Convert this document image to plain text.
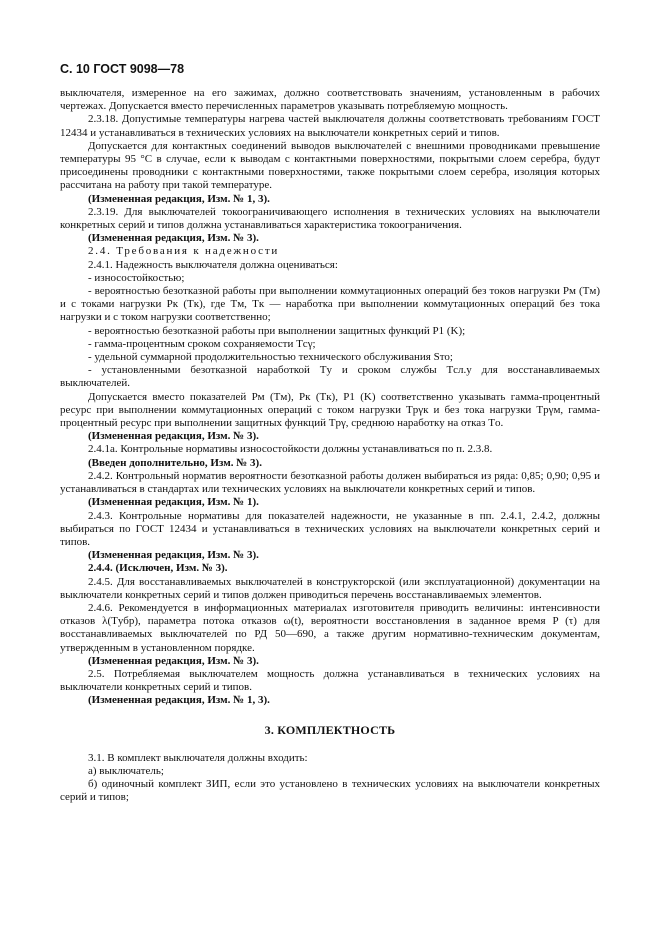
С. 10 ГОСТ 9098—78

выключателя, измеренное на его зажимах, должно соответствовать значениям, установленным в рабочих чертежах. Допускается вместо перечисленных параметров указывать потребляемую мощность.

2.3.18. Допустимые температуры нагрева частей выключателя должны соответствовать требованиям ГОСТ 12434 и устанавливаться в технических условиях на выключатели конкретных серий и типов.

Допускается для контактных соединений выводов выключателей с внешними проводниками превышение температуры 95 °С в случае, если к выводам с контактными поверхностями, покрытыми слоем серебра, будут присоединены проводники с контактными поверхностями, также покрытыми слоем серебра, изоляция которых рассчитана на работу при такой температуре.

(Измененная редакция, Изм. № 1, 3).

2.3.19. Для выключателей токоограничивающего исполнения в технических условиях на выключатели конкретных серий и типов должна устанавливаться характеристика токоограничения.

(Измененная редакция, Изм. № 3).

2.4. Требования к надежности

2.4.1. Надежность выключателя должна оцениваться:

- износостойкостью;

- вероятностью безотказной работы при выполнении коммутационных операций без токов нагрузки Pм (Tм) и с токами нагрузки Pк (Tк), где Tм, Tк — наработка при выполнении коммутационных операций без тока нагрузки и с током нагрузки соответственно;

- вероятностью безотказной работы при выполнении защитных функций P1 (K);

- гамма-процентным сроком сохраняемости Tсγ;

- удельной суммарной продолжительностью технического обслуживания Sто;

- установленными безотказной наработкой Tу и сроком службы Tсл.у для восстанавливаемых выключателей.

Допускается вместо показателей Pм (Tм), Pк (Tк), P1 (K) соответственно указывать гамма-процентный ресурс при выполнении коммутационных операций с током нагрузки Tрγк и без тока нагрузки Tрγм, гамма-процентный ресурс при выполнении защитных функций Tрγ, среднюю наработку на отказ Tо.

(Измененная редакция, Изм. № 3).

2.4.1а. Контрольные нормативы износостойкости должны устанавливаться по п. 2.3.8.

(Введен дополнительно, Изм. № 3).

2.4.2. Контрольный норматив вероятности безотказной работы должен выбираться из ряда: 0,85; 0,90; 0,95 и устанавливаться в стандартах или технических условиях на выключатели конкретных серий и типов.

(Измененная редакция, Изм. № 1).

2.4.3. Контрольные нормативы для показателей надежности, не указанные в пп. 2.4.1, 2.4.2, должны выбираться по ГОСТ 12434 и устанавливаться в технических условиях на выключатели конкретных серий и типов.

(Измененная редакция, Изм. № 3).

2.4.4. (Исключен, Изм. № 3).

2.4.5. Для восстанавливаемых выключателей в конструкторской (или эксплуатационной) документации на выключатели конкретных серий и типов должен приводиться перечень восстанавливаемых элементов.

2.4.6. Рекомендуется в информационных материалах изготовителя приводить величины: интенсивности отказов λ(Tубр), параметра потока отказов ω(t), вероятности восстановления в заданное время P (τ) для восстанавливаемых выключателей по РД 50—690, а также другим нормативно-техническим документам, утвержденным в установленном порядке.

(Измененная редакция, Изм. № 3).

2.5. Потребляемая выключателем мощность должна устанавливаться в технических условиях на выключатели конкретных серий и типов.

(Измененная редакция, Изм. № 1, 3).

3. КОМПЛЕКТНОСТЬ

3.1. В комплект выключателя должны входить:

а) выключатель;

б) одиночный комплект ЗИП, если это установлено в технических условиях на выключатели конкретных серий и типов;
